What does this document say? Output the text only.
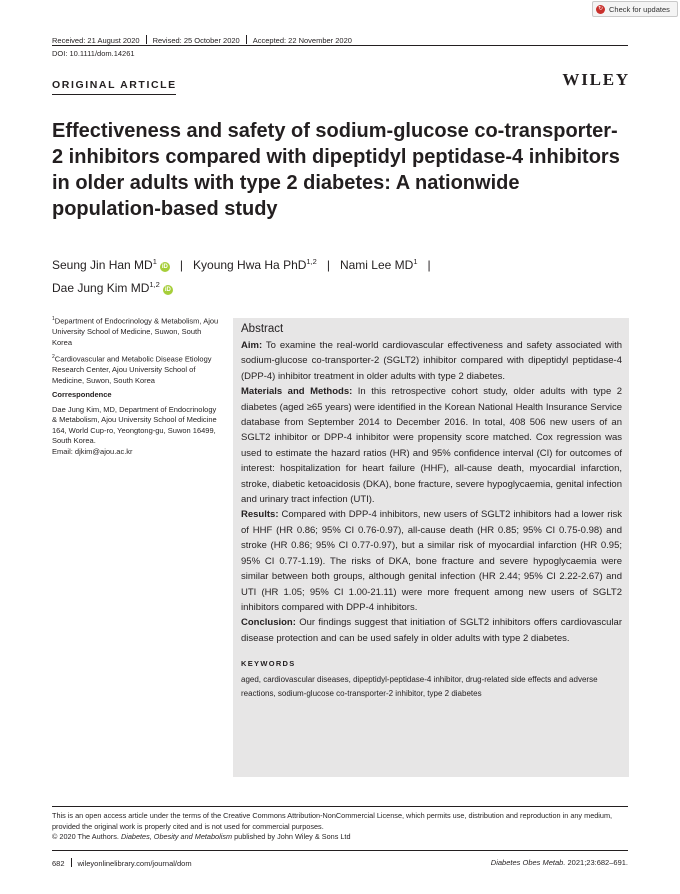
↻ Check for updates
Received: 21 August 2020 Revised: 25 October 2020 Accepted: 22 November 2020
DOI: 10.1111/dom.14261
ORIGINAL ARTICLE	WILEY
Effectiveness and safety of sodium-glucose co-transporter-2 inhibitors compared with dipeptidyl peptidase-4 inhibitors in older adults with type 2 diabetes: A nationwide population-based study
Seung Jin Han $MD^1iD$ | Kyoung Hwa Ha PhD$^{1,2}$ | Nami Lee $MD^1$ |
Dae Jung Kim MD$^{1,2}$iD

$^1$Department of Endocrinology & Metabolism, Ajou University School of Medicine, Suwon, South Korea

$^2$Cardiovascular and Metabolic Disease Etiology Research Center, Ajou University School of Medicine, Suwon, South Korea

Correspondence

Dae Jung Kim, MD, Department of Endocrinology & Metabolism, Ajou University School of Medicine 164, World Cup-ro, Yeongtong-gu, Suwon 16499, South Korea.
Email: djkim@ajou.ac.kr

Abstract

Aim: To examine the real-world cardiovascular effectiveness and safety associated with sodium-glucose co-transporter-2 (SGLT2) inhibitor compared with dipeptidyl peptidase-4 (DPP-4) inhibitor treatment in older adults with type 2 diabetes.

Materials and Methods: In this retrospective cohort study, older adults with type 2 diabetes (aged ≥65 years) were identified in the Korean National Health Insurance Service database from September 2014 to December 2016. In total, 408 506 new users of an SGLT2 inhibitor or DPP-4 inhibitor were propensity score matched. Cox regression was used to estimate the hazard ratios (HR) and 95% confidence interval (CI) for outcomes of interest: hospitalization for heart failure (HHF), all-cause death, myocardial infarction, stroke, diabetic ketoacidosis (DKA), bone fracture, severe hypoglycaemia, genital infection and urinary tract infection (UTI).

Results: Compared with DPP-4 inhibitors, new users of SGLT2 inhibitors had a lower risk of HHF (HR 0.86; 95% CI 0.76-0.97), all-cause death (HR 0.85; 95% CI 0.75-0.98) and stroke (HR 0.86; 95% CI 0.77-0.97), but a similar risk of myocardial infarction (HR 0.95; 95% CI 0.77-1.19). The risks of DKA, bone fracture and severe hypoglycaemia were similar between both groups, although genital infection (HR 2.44; 95% CI 2.22-2.67) and UTI (HR 1.05; 95% CI 1.00-21.11) were more frequent among new users of SGLT2 inhibitors compared with DPP-4 inhibitors.

Conclusion: Our findings suggest that initiation of SGLT2 inhibitors offers cardiovascular disease protection and can be used safely in older adults with type 2 diabetes.

KEYWORDS
aged, cardiovascular diseases, dipeptidyl-peptidase-4 inhibitor, drug-related side effects and adverse reactions, sodium-glucose co-transporter-2 inhibitor, type 2 diabetes

This is an open access article under the terms of the Creative Commons Attribution-NonCommercial License, which permits use, distribution and reproduction in any medium, provided the original work is properly cited and is not used for commercial purposes.

© 2020 The Authors. Diabetes, Obesity and Metabolism published by John Wiley & Sons Ltd

682 wileyonlinelibrary.com/journal/dom	Diabetes Obes Metab. 2021;23:682–691.
